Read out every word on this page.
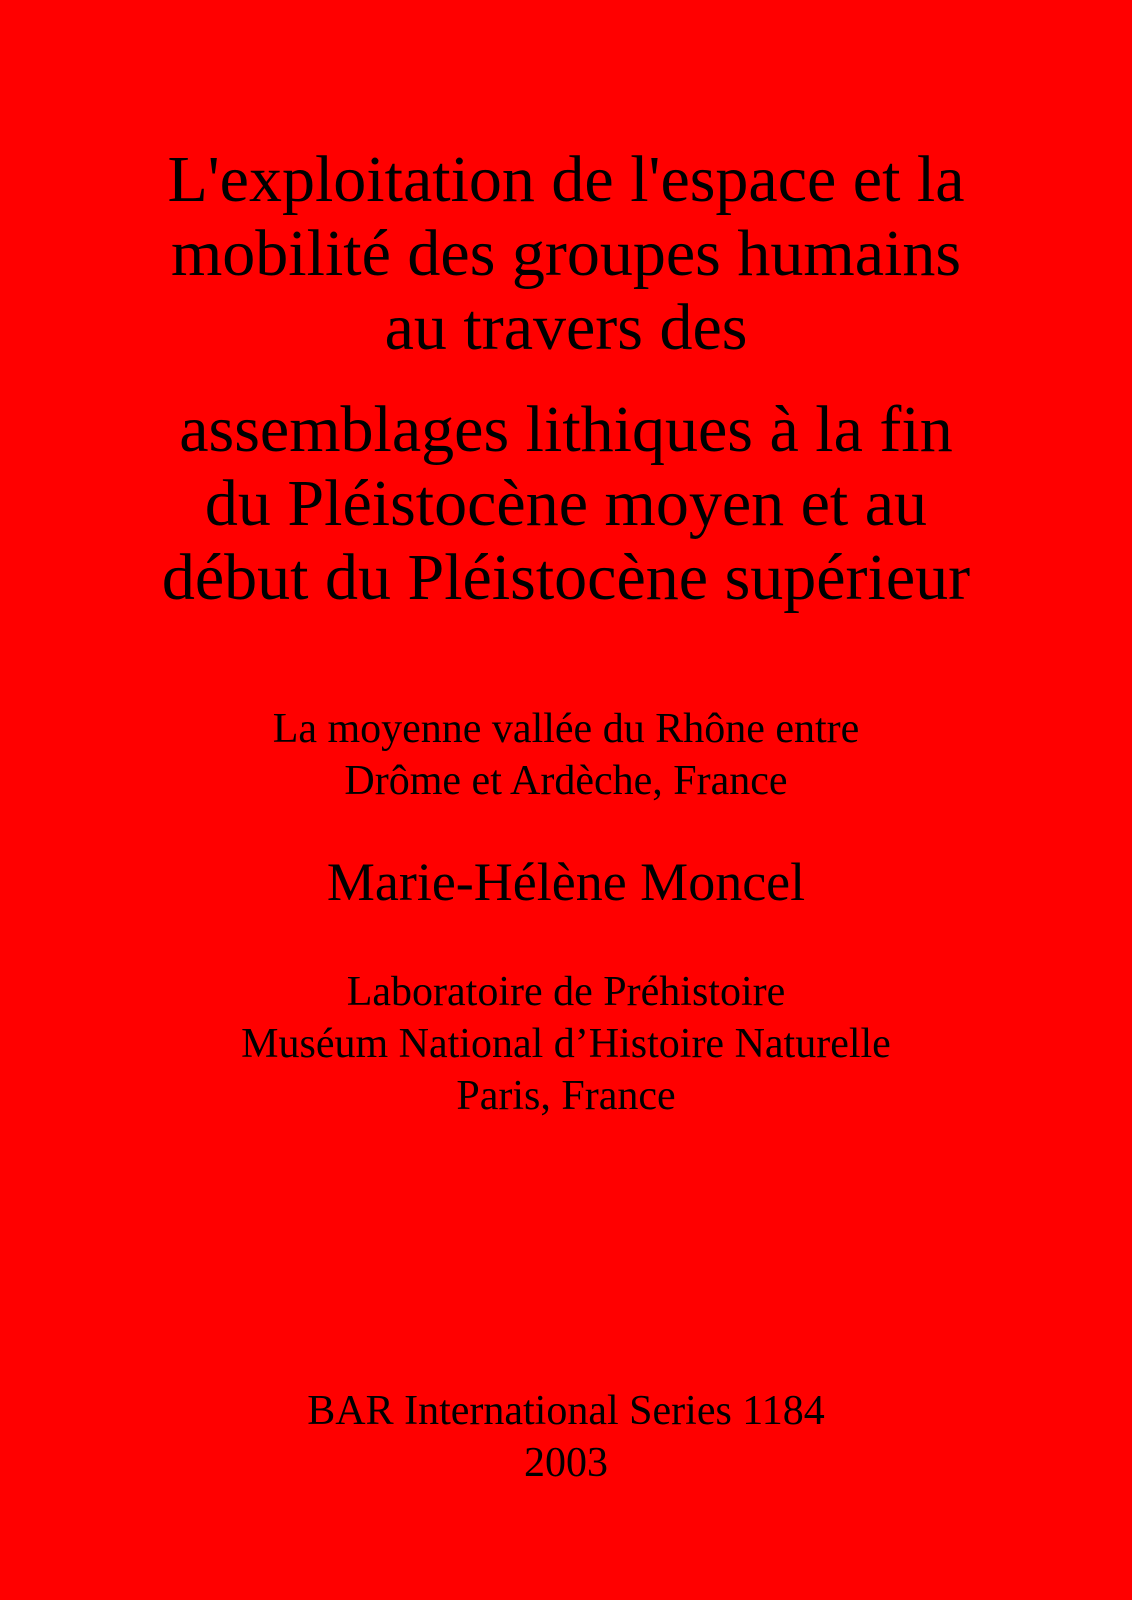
L'exploitation de l'espace et la
mobilité des groupes humains
au travers des
assemblages lithiques à la fin
du Pléistocène moyen et au
début du Pléistocène supérieur
La moyenne vallée du Rhône entre
Drôme et Ardèche, France
Marie-Hélène Moncel
Laboratoire de Préhistoire
Muséum National d’Histoire Naturelle
Paris, France
BAR International Series 1184
2003
